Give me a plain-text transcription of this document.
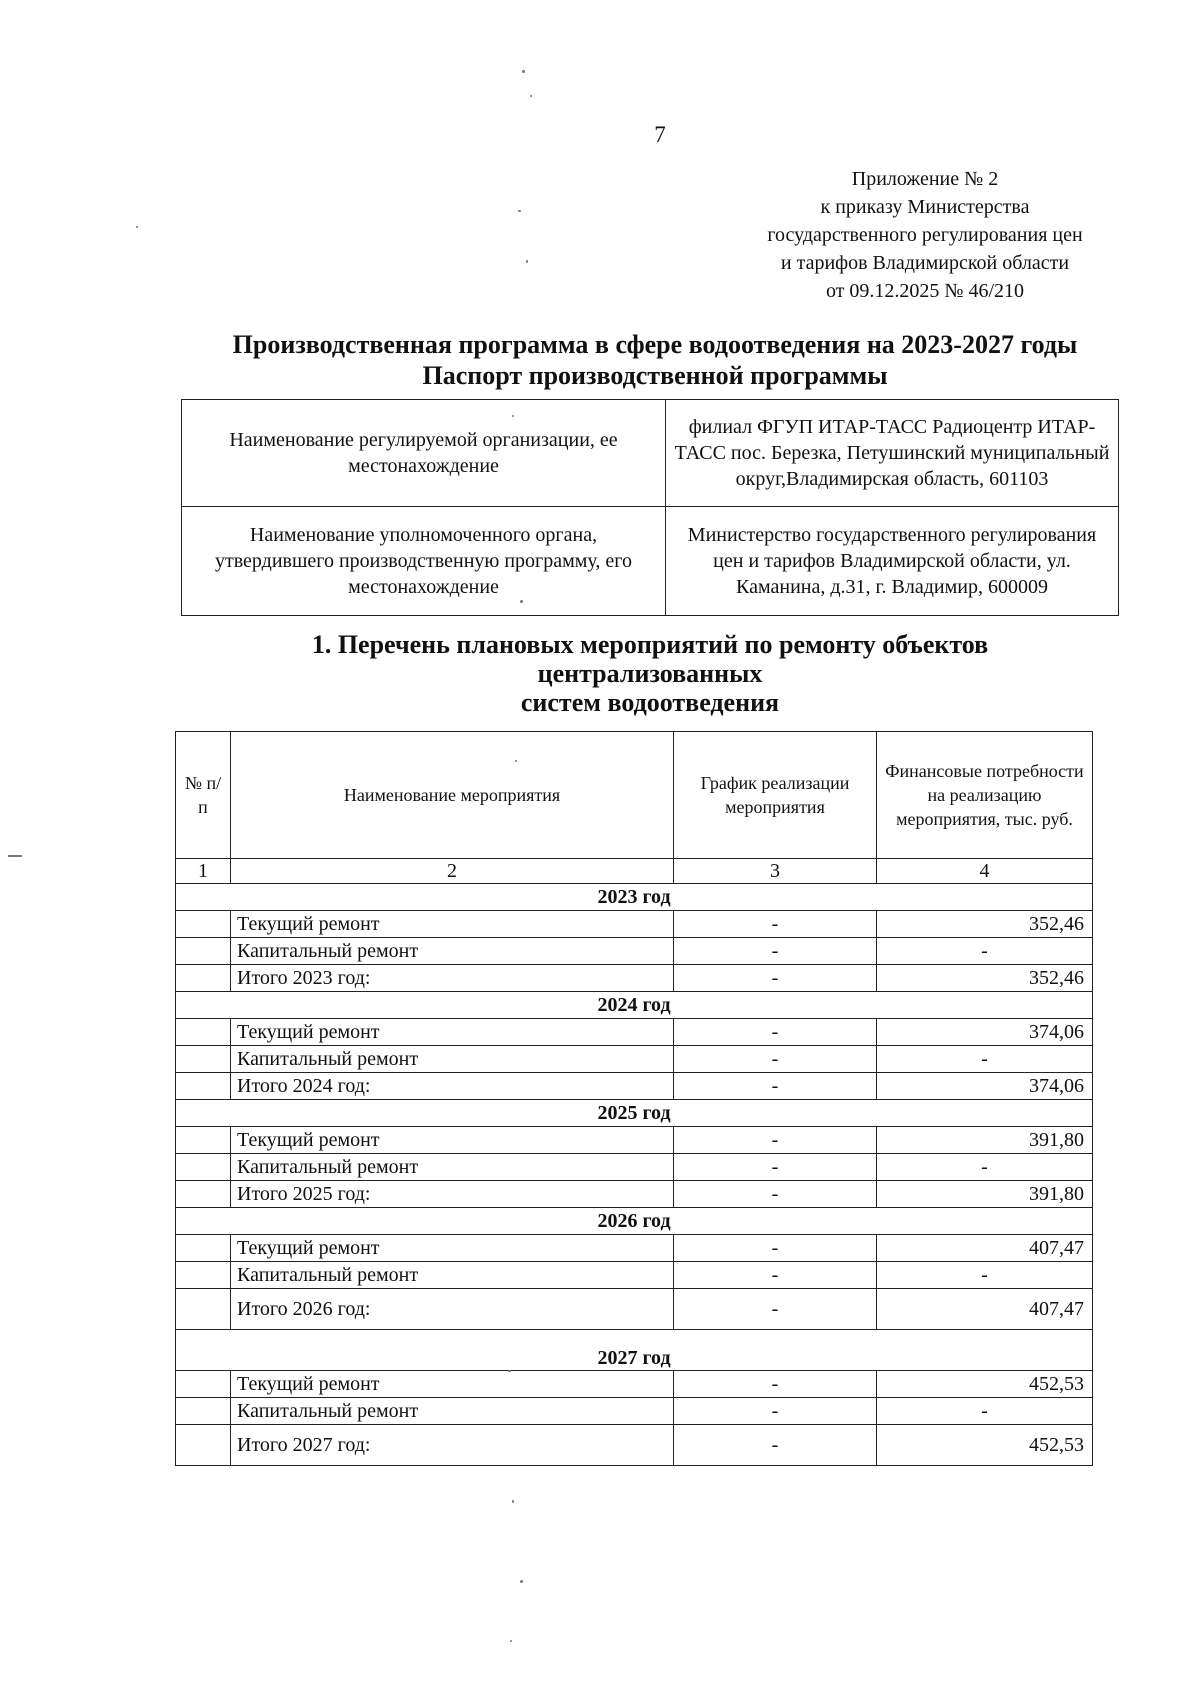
7
Приложение № 2
к приказу Министерства
государственного регулирования цен
и тарифов Владимирской области
от 09.12.2025 № 46/210
Производственная программа в сфере водоотведения на 2023-2027 годы
Паспорт производственной программы
Наименование регулируемой организации, ее местонахождение	филиал ФГУП ИТАР-ТАСС Радиоцентр ИТАР-ТАСС пос. Березка, Петушинский муниципальный округ,Владимирская область, 601103
Наименование уполномоченного органа, утвердившего производственную программу, его местонахождение	Министерство государственного регулирования цен и тарифов Владимирской области, ул. Каманина, д.31, г. Владимир, 600009
1. Перечень плановых мероприятий по ремонту объектов
централизованных
систем водоотведения
№ п/п	Наименование мероприятия	График реализации мероприятия	Финансовые потребности на реализацию мероприятия, тыс. руб.
1	2	3	4
2023 год			
	Текущий ремонт	-	352,46
	Капитальный ремонт	-	-
	Итого 2023 год:	-	352,46
2024 год			
	Текущий ремонт	-	374,06
	Капитальный ремонт	-	-
	Итого 2024 год:	-	374,06
2025 год			
	Текущий ремонт	-	391,80
	Капитальный ремонт	-	-
	Итого 2025 год:	-	391,80
2026 год			
	Текущий ремонт	-	407,47
	Капитальный ремонт	-	-
	Итого 2026 год:	-	407,47
2027 год			
	Текущий ремонт	-	452,53
	Капитальный ремонт	-	-
	Итого 2027 год:	-	452,53
